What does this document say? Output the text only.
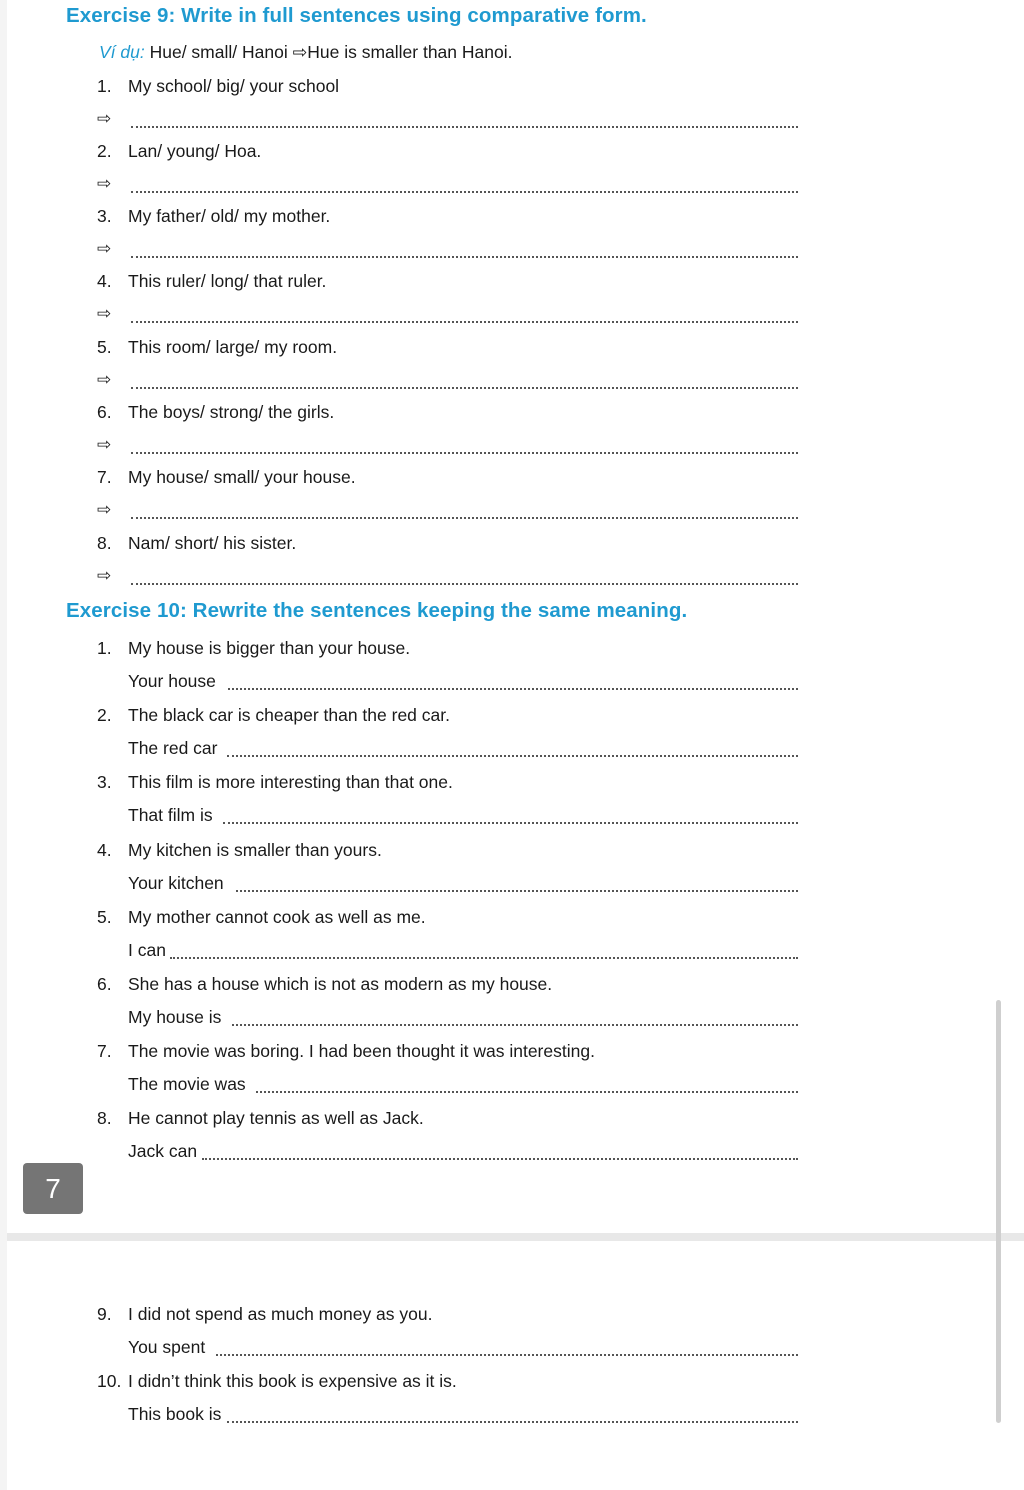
Exercise 9: Write in full sentences using comparative form.
Ví dụ: Hue/ small/ Hanoi ⇨Hue is smaller than Hanoi.
1. My school/ big/ your school
⇨
2. Lan/ young/ Hoa.
⇨
3. My father/ old/ my mother.
⇨
4. This ruler/ long/ that ruler.
⇨
5. This room/ large/ my room.
⇨
6. The boys/ strong/ the girls.
⇨
7. My house/ small/ your house.
⇨
8. Nam/ short/ his sister.
⇨
Exercise 10: Rewrite the sentences keeping the same meaning.
1. My house is bigger than your house.
Your house
2. The black car is cheaper than the red car.
The red car
3. This film is more interesting than that one.
That film is
4. My kitchen is smaller than yours.
Your kitchen
5. My mother cannot cook as well as me.
I can
6. She has a house which is not as modern as my house.
My house is
7. The movie was boring. I had been thought it was interesting.
The movie was
8. He cannot play tennis as well as Jack.
Jack can
9. I did not spend as much money as you.
You spent
10. I didn’t think this book is expensive as it is.
This book is
7
